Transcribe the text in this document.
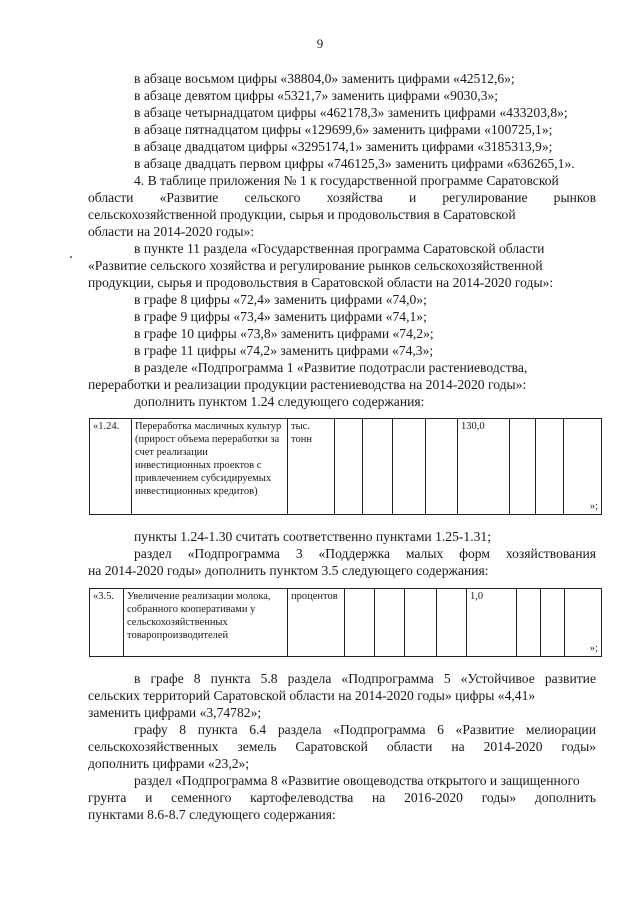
9
в абзаце восьмом цифры «38804,0» заменить цифрами «42512,6»;
в абзаце девятом цифры «5321,7» заменить цифрами «9030,3»;
в абзаце четырнадцатом цифры «462178,3» заменить цифрами «433203,8»;
в абзаце пятнадцатом цифры «129699,6» заменить цифрами «100725,1»;
в абзаце двадцатом цифры «3295174,1» заменить цифрами «3185313,9»;
в абзаце двадцать первом цифры «746125,3» заменить цифрами «636265,1».
4. В таблице приложения № 1 к государственной программе Саратовской
области «Развитие сельского хозяйства и регулирование рынков
сельскохозяйственной продукции, сырья и продовольствия в Саратовской
области на 2014-2020 годы»:
в пункте 11 раздела «Государственная программа Саратовской области
«Развитие сельского хозяйства и регулирование рынков сельскохозяйственной
продукции, сырья и продовольствия в Саратовской области на 2014-2020 годы»:
в графе 8 цифры «72,4» заменить цифрами «74,0»;
в графе 9 цифры «73,4» заменить цифрами «74,1»;
в графе 10 цифры «73,8» заменить цифрами «74,2»;
в графе 11 цифры «74,2» заменить цифрами «74,3»;
в разделе «Подпрограмма 1 «Развитие подотрасли растениеводства,
переработки и реализации продукции растениеводства на 2014-2020 годы»:
дополнить пунктом 1.24 следующего содержания:
«1.24.	Переработка масличных культур (прирост объема переработки за счет реализации инвестиционных проектов с привлечением субсидируемых инвестиционных кредитов)	тыс. тонн					130,0			»;
пункты 1.24-1.30 считать соответственно пунктами 1.25-1.31;
раздел «Подпрограмма 3 «Поддержка малых форм хозяйствования
на 2014-2020 годы» дополнить пунктом 3.5 следующего содержания:
«3.5.	Увеличение реализации молока, собранного кооперативами у сельскохозяйственных товаропроизводителей	процентов					1,0			»;
в графе 8 пункта 5.8 раздела «Подпрограмма 5 «Устойчивое развитие
сельских территорий Саратовской области на 2014-2020 годы» цифры «4,41»
заменить цифрами «3,74782»;
графу 8 пункта 6.4 раздела «Подпрограмма 6 «Развитие мелиорации
сельскохозяйственных земель Саратовской области на 2014-2020 годы»
дополнить цифрами «23,2»;
раздел «Подпрограмма 8 «Развитие овощеводства открытого и защищенного
грунта и семенного картофелеводства на 2016-2020 годы» дополнить
пунктами 8.6-8.7 следующего содержания:
